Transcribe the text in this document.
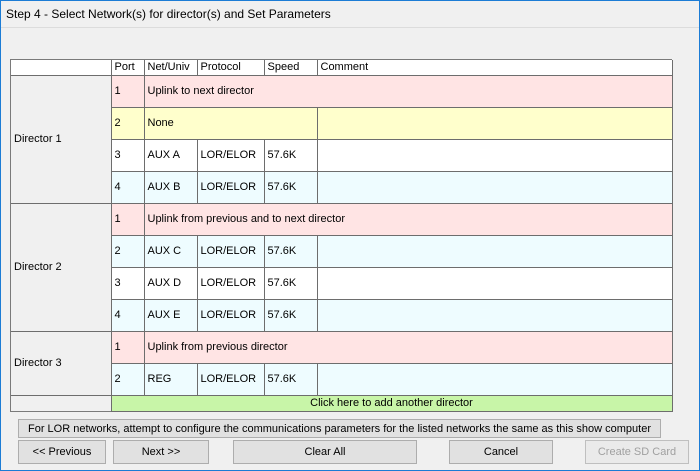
Step 4 - Select Network(s) for director(s) and Set Parameters
	Port	Net/Univ	Protocol	Speed	Comment
Director 1	1	Uplink to next director			
	2	None			
	3	AUX A	LOR/ELOR	57.6K	
	4	AUX B	LOR/ELOR	57.6K	
Director 2	1	Uplink from previous and to next director			
	2	AUX C	LOR/ELOR	57.6K	
	3	AUX D	LOR/ELOR	57.6K	
	4	AUX E	LOR/ELOR	57.6K	
Director 3	1	Uplink from previous director			
	2	REG	LOR/ELOR	57.6K	
	Click here to add another director				
For LOR networks, attempt to configure the communications parameters for the listed networks the same as this show computer
<< Previous	Next >>	Clear All	Cancel	Create SD Card
